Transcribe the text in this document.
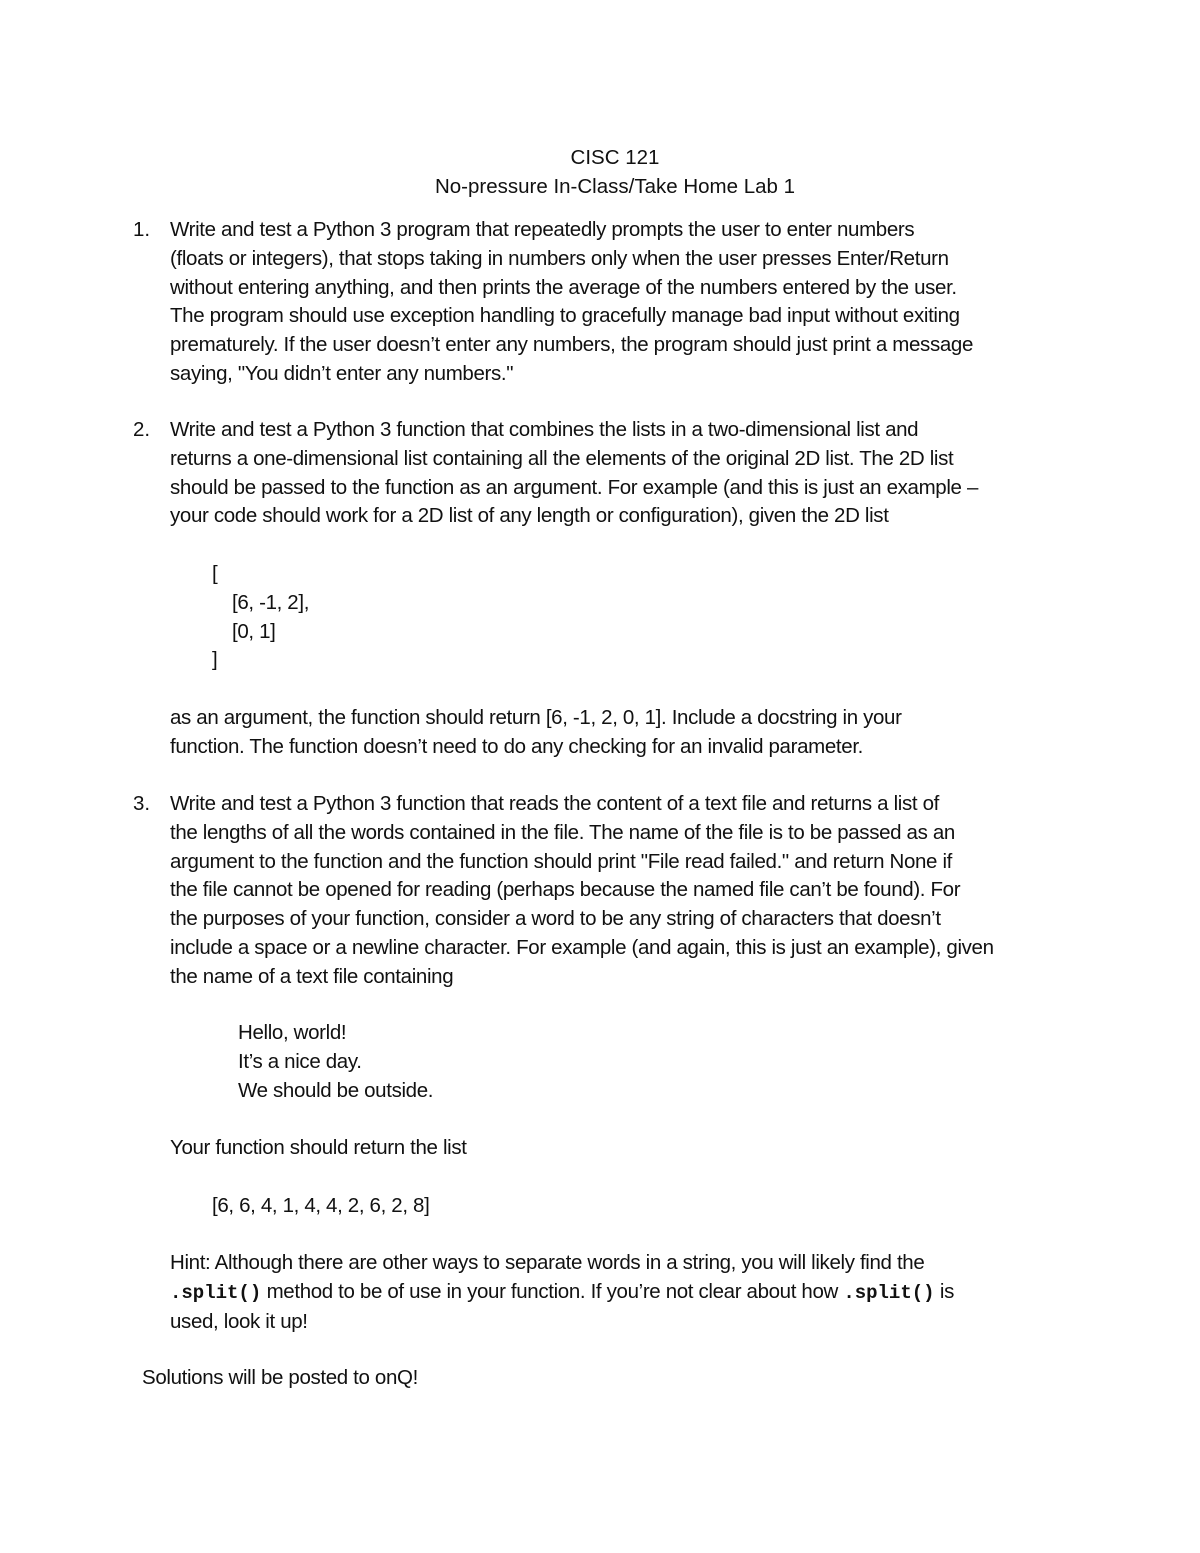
CISC 121
No-pressure In-Class/Take Home Lab 1
1. Write and test a Python 3 program that repeatedly prompts the user to enter numbers
(floats or integers), that stops taking in numbers only when the user presses Enter/Return
without entering anything, and then prints the average of the numbers entered by the user.
The program should use exception handling to gracefully manage bad input without exiting
prematurely. If the user doesn’t enter any numbers, the program should just print a message
saying, "You didn’t enter any numbers."
2. Write and test a Python 3 function that combines the lists in a two-dimensional list and
returns a one-dimensional list containing all the elements of the original 2D list. The 2D list
should be passed to the function as an argument. For example (and this is just an example –
your code should work for a 2D list of any length or configuration), given the 2D list
[
[6, -1, 2],
[0, 1]
]
as an argument, the function should return [6, -1, 2, 0, 1]. Include a docstring in your
function. The function doesn’t need to do any checking for an invalid parameter.
3. Write and test a Python 3 function that reads the content of a text file and returns a list of
the lengths of all the words contained in the file. The name of the file is to be passed as an
argument to the function and the function should print "File read failed." and return None if
the file cannot be opened for reading (perhaps because the named file can’t be found). For
the purposes of your function, consider a word to be any string of characters that doesn’t
include a space or a newline character. For example (and again, this is just an example), given
the name of a text file containing
Hello, world!
It’s a nice day.
We should be outside.
Your function should return the list
[6, 6, 4, 1, 4, 4, 2, 6, 2, 8]
Hint: Although there are other ways to separate words in a string, you will likely find the
.split() method to be of use in your function. If you’re not clear about how .split() is
used, look it up!
Solutions will be posted to onQ!
